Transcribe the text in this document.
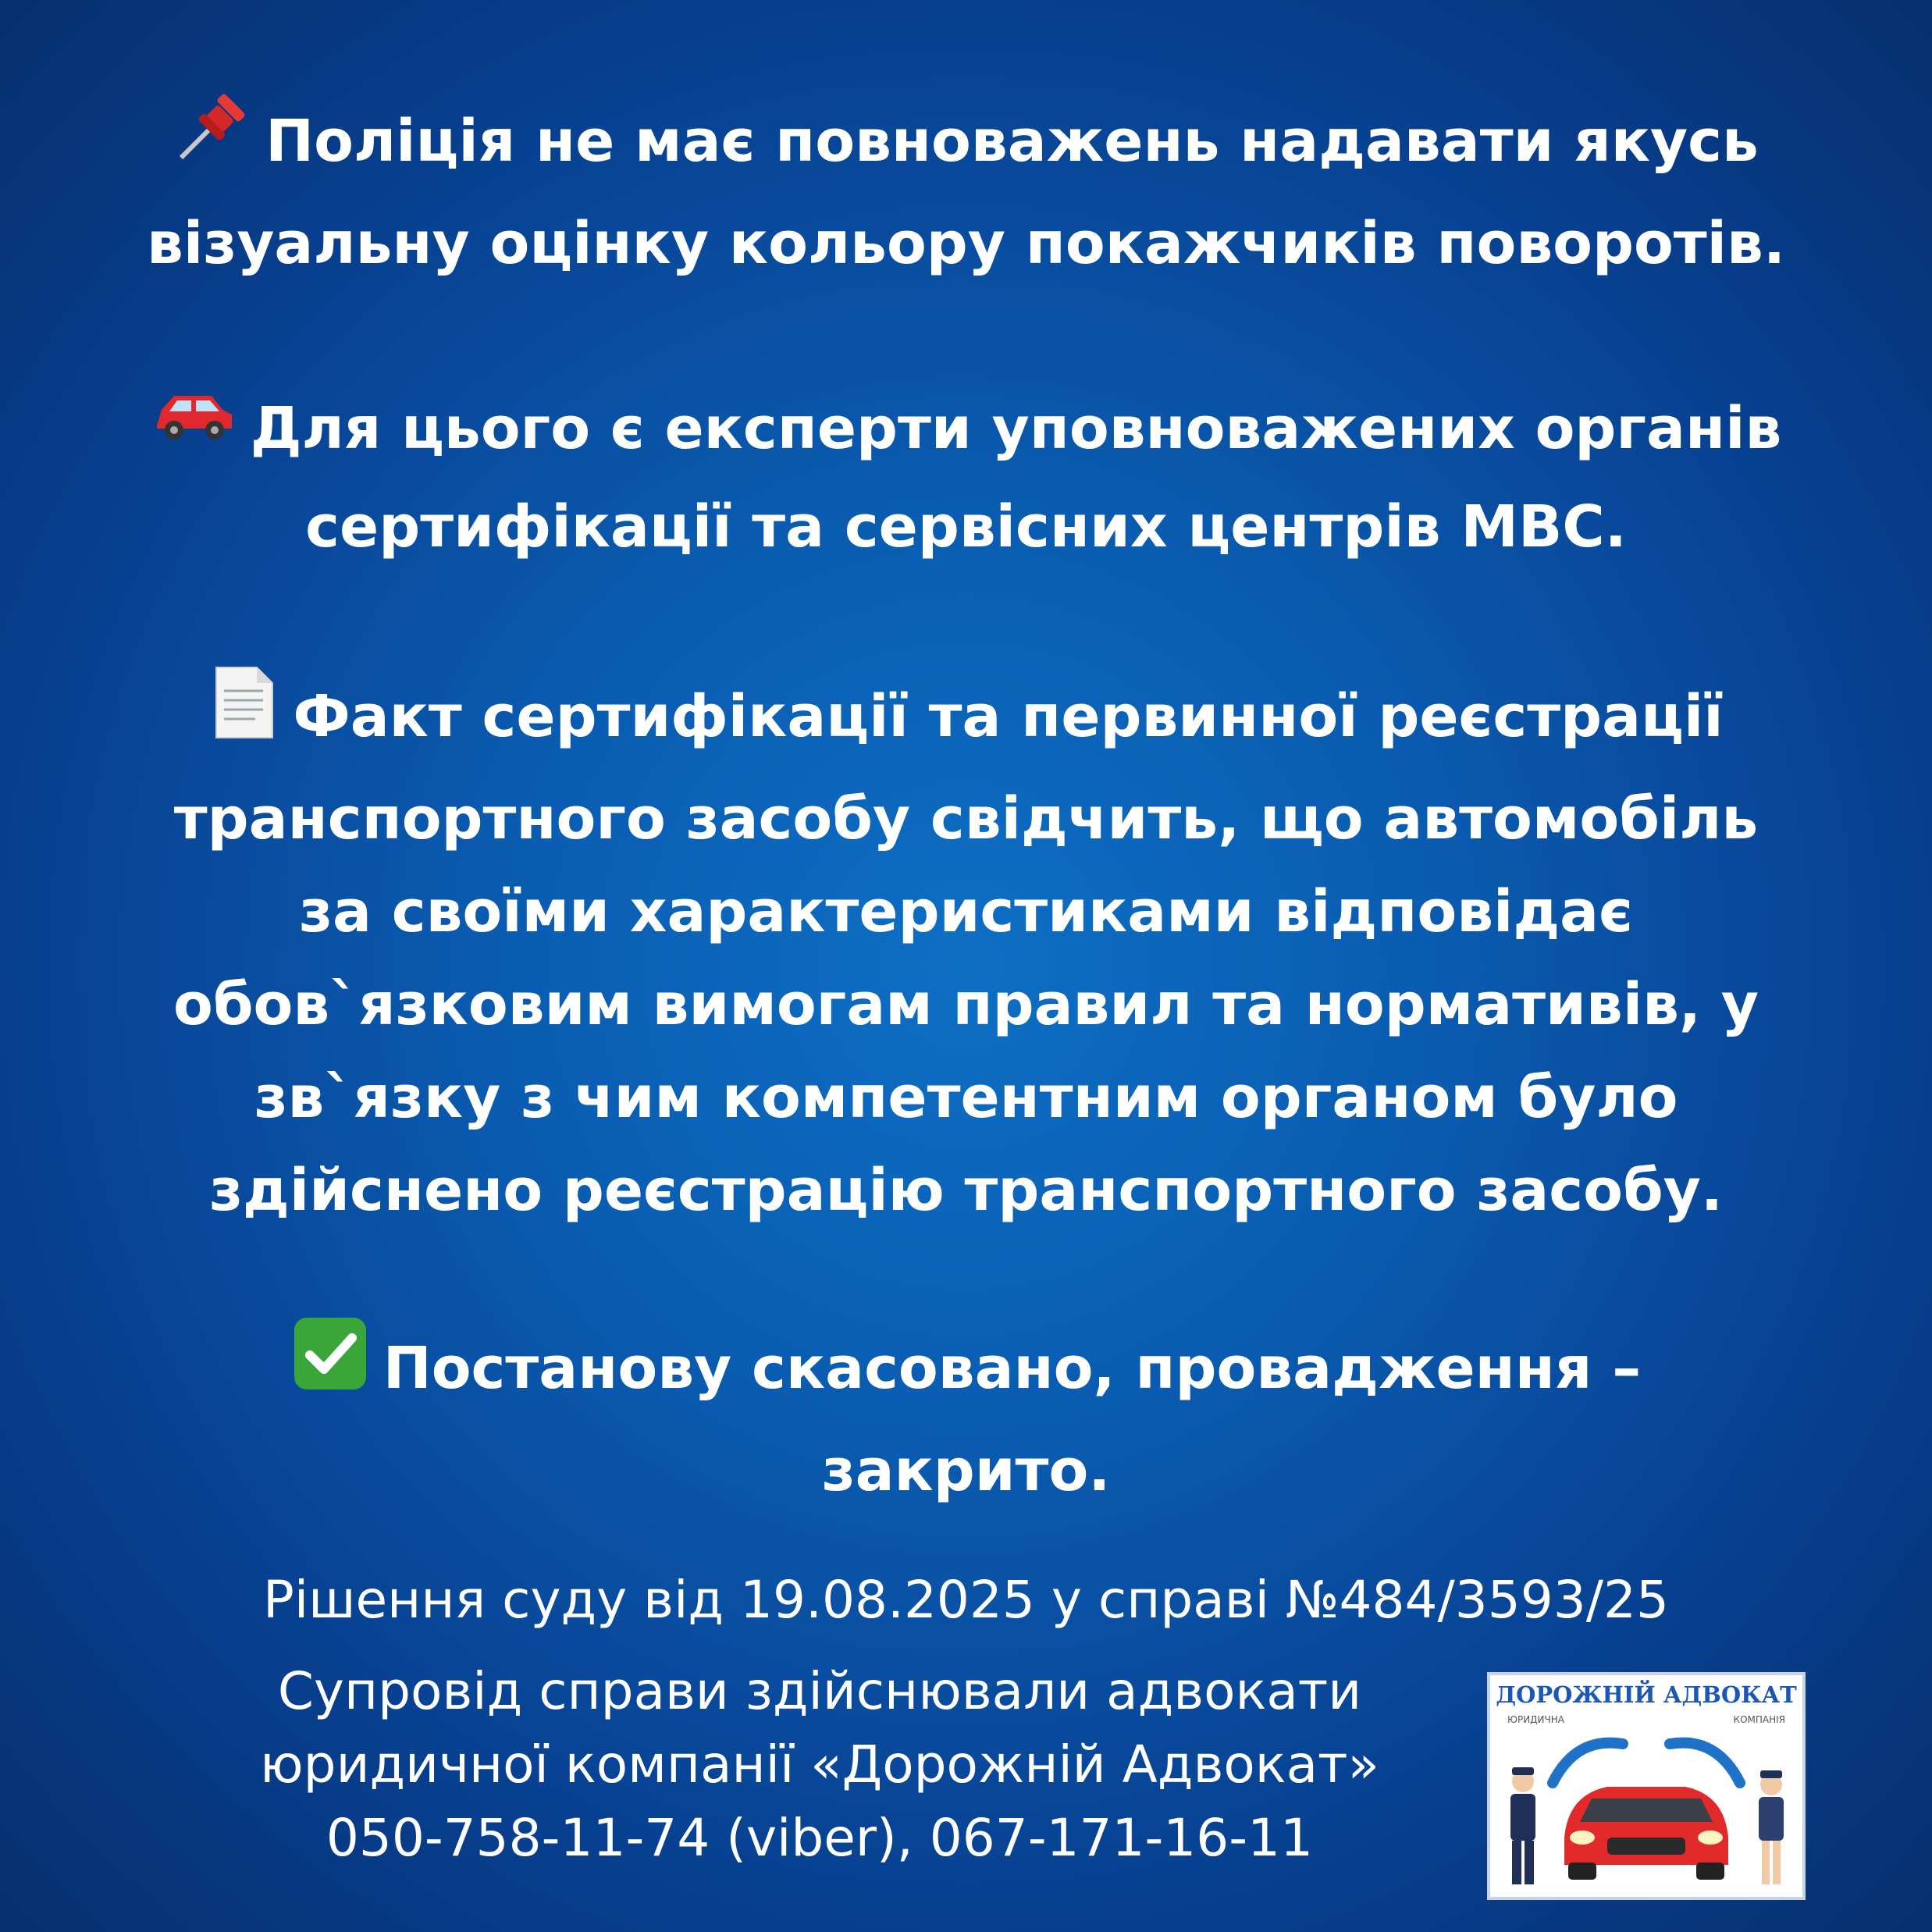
Поліція не має повноважень надавати якусь

візуальну оцінку кольору покажчиків поворотів.

Для цього є експерти уповноважених органів

сертифікації та сервісних центрів МВС.

Факт сертифікації та первинної реєстрації

транспортного засобу свідчить, що автомобіль

за своїми характеристиками відповідає

обов`язковим вимогам правил та нормативів, у

зв`язку з чим компетентним органом було

здійснено реєстрацію транспортного засобу.

Постанову скасовано, провадження –

закрито.

Рішення суду від 19.08.2025 у справі №484/3593/25

Супровід справи здійснювали адвокати

юридичної компанії «Дорожній Адвокат»

050-758-11-74 (viber), 067-171-16-11

ДОРОЖНІЙ АДВОКАТ
ЮРИДИЧНА	КОМПАНІЯ
